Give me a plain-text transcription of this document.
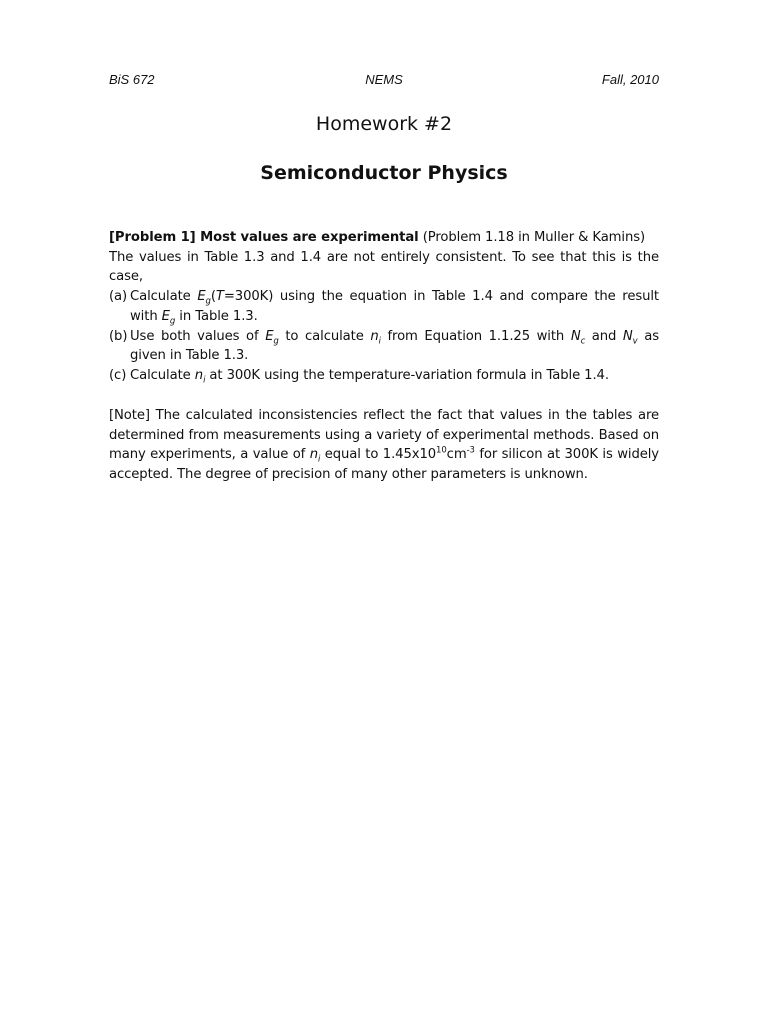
BiS 672	NEMS	Fall, 2010
Homework #2
Semiconductor Physics
[Problem 1] Most values are experimental (Problem 1.18 in Muller & Kamins)
The values in Table 1.3 and 1.4 are not entirely consistent. To see that this is the case,
(a) Calculate $E_g(T=300K)$ using the equation in Table 1.4 and compare the result with $E_g$ in Table 1.3.
(b) Use both values of $E_g$ to calculate $n_i$ from Equation 1.1.25 with $N_c$ and $N_v$ as given in Table 1.3.
(c) Calculate $n_i$ at 300K using the temperature-variation formula in Table 1.4.
[Note] The calculated inconsistencies reflect the fact that values in the tables are determined from measurements using a variety of experimental methods. Based on many experiments, a value of $n_i$ equal to $1.45x10^{10}cm^{-3}$ for silicon at 300K is widely accepted. The degree of precision of many other parameters is unknown.
